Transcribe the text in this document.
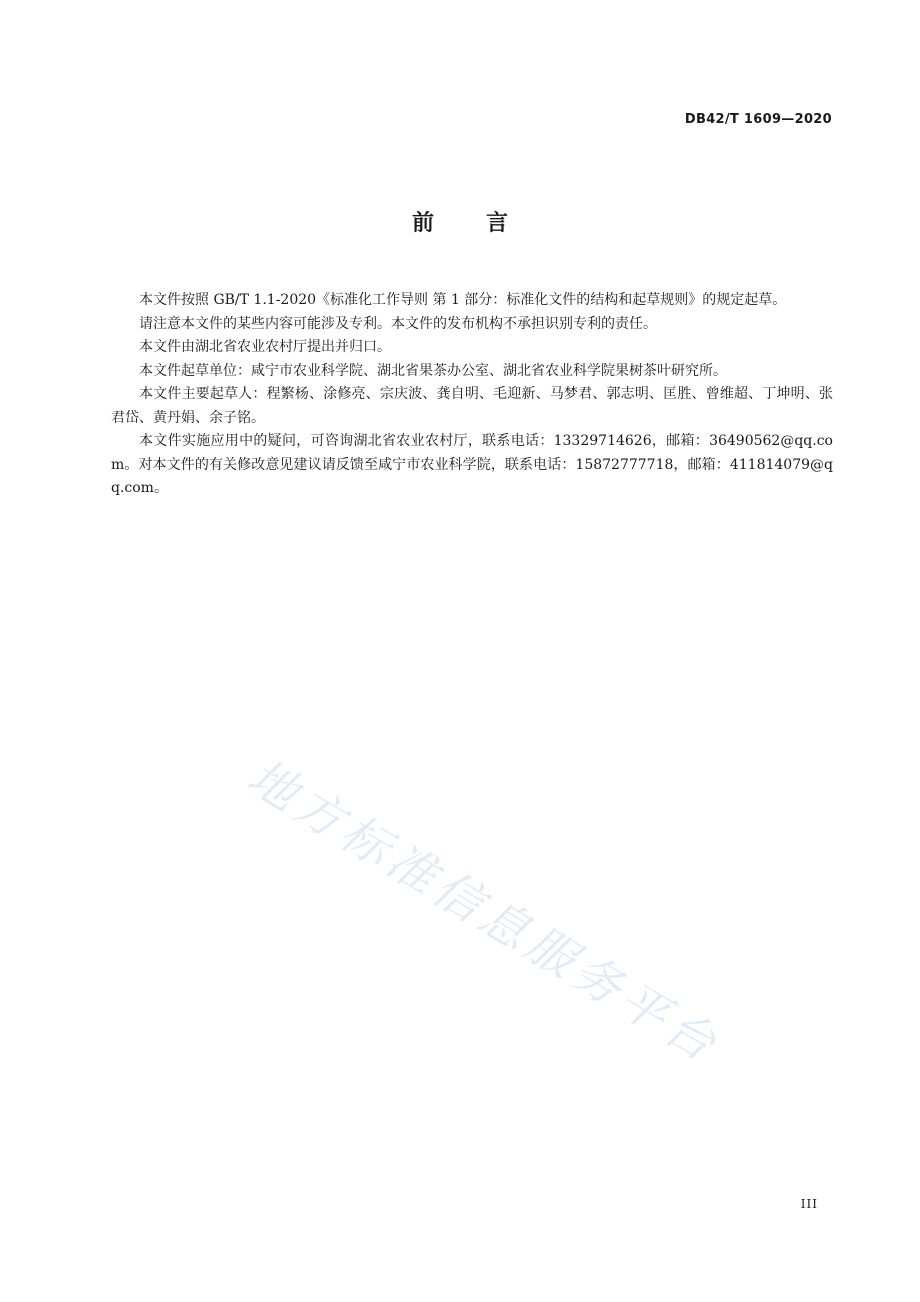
DB42/T 1609—2020
前言

本文件按照 GB/T 1.1-2020《标准化工作导则 第 1 部分：标准化文件的结构和起草规则》的规定起草。

请注意本文件的某些内容可能涉及专利。本文件的发布机构不承担识别专利的责任。

本文件由湖北省农业农村厅提出并归口。

本文件起草单位：咸宁市农业科学院、湖北省果茶办公室、湖北省农业科学院果树茶叶研究所。

本文件主要起草人：程繁杨、涂修亮、宗庆波、龚自明、毛迎新、马梦君、郭志明、匡胜、曾维超、丁坤明、张君岱、黄丹娟、余子铭。

本文件实施应用中的疑问，可咨询湖北省农业农村厅，联系电话：13329714626，邮箱：36490562@qq.com。对本文件的有关修改意见建议请反馈至咸宁市农业科学院，联系电话：15872777718，邮箱：411814079@qq.com。

地方标准信息服务平台
III
